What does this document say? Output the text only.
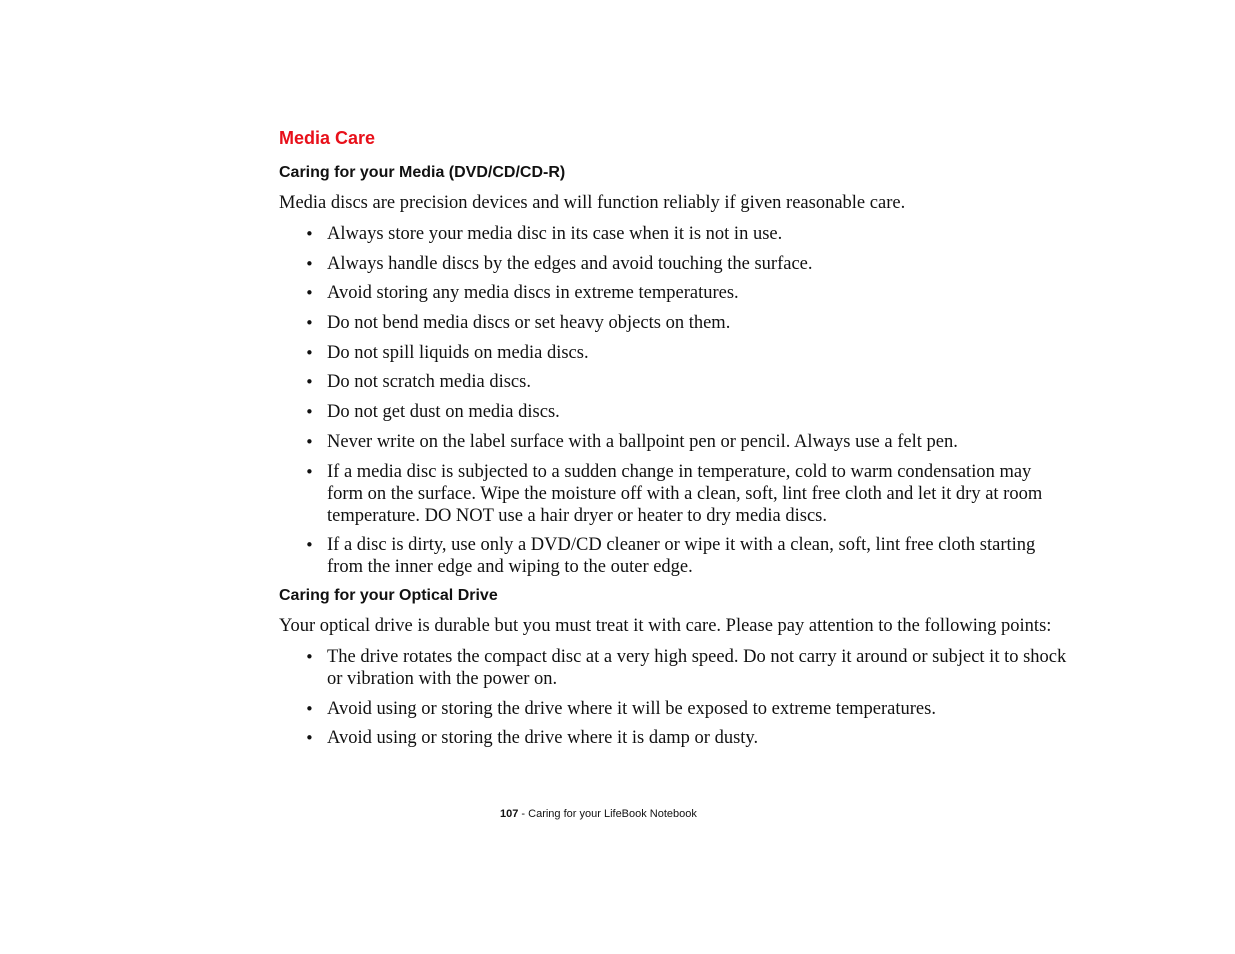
Media Care
Caring for your Media (DVD/CD/CD-R)

Media discs are precision devices and will function reliably if given reasonable care.

• Always store your media disc in its case when it is not in use.
• Always handle discs by the edges and avoid touching the surface.
• Avoid storing any media discs in extreme temperatures.
• Do not bend media discs or set heavy objects on them.
• Do not spill liquids on media discs.
• Do not scratch media discs.
• Do not get dust on media discs.
• Never write on the label surface with a ballpoint pen or pencil. Always use a felt pen.
• If a media disc is subjected to a sudden change in temperature, cold to warm condensation may form on the surface. Wipe the moisture off with a clean, soft, lint free cloth and let it dry at room temperature. DO NOT use a hair dryer or heater to dry media discs.
• If a disc is dirty, use only a DVD/CD cleaner or wipe it with a clean, soft, lint free cloth starting from the inner edge and wiping to the outer edge.
Caring for your Optical Drive

Your optical drive is durable but you must treat it with care. Please pay attention to the following points:

• The drive rotates the compact disc at a very high speed. Do not carry it around or subject it to shock or vibration with the power on.
• Avoid using or storing the drive where it will be exposed to extreme temperatures.
• Avoid using or storing the drive where it is damp or dusty.
107 - Caring for your LifeBook Notebook
